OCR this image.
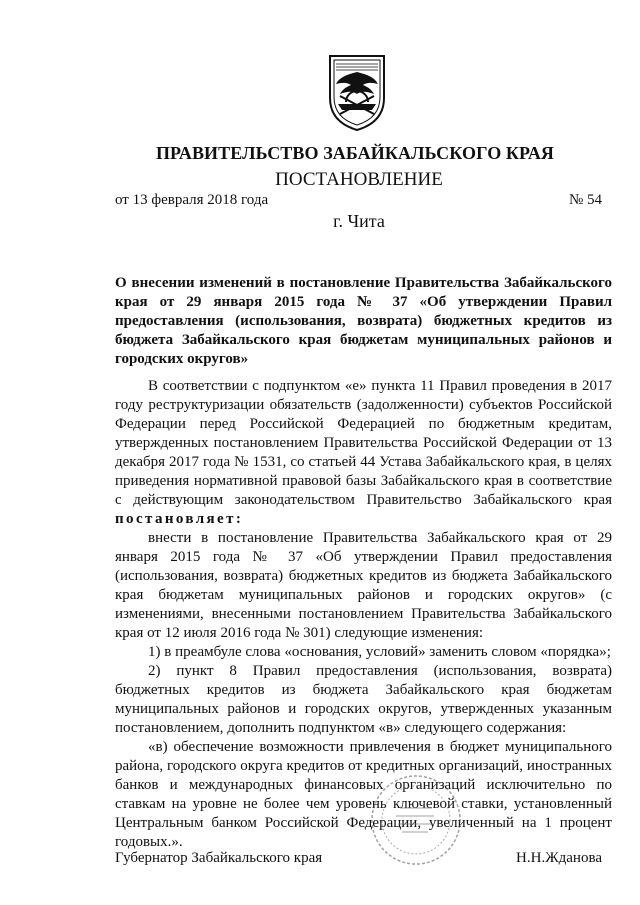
ПРАВИТЕЛЬСТВО ЗАБАЙКАЛЬСКОГО КРАЯ
ПОСТАНОВЛЕНИЕ
от 13 февраля 2018 года	№ 54
г. Чита
О внесении изменений в постановление Правительства Забайкальского края от 29 января 2015 года № 37 «Об утверждении Правил предоставления (использования, возврата) бюджетных кредитов из бюджета Забайкальского края бюджетам муниципальных районов и городских округов»

В соответствии с подпунктом «е» пункта 11 Правил проведения в 2017 году реструктуризации обязательств (задолженности) субъектов Российской Федерации перед Российской Федерацией по бюджетным кредитам, утвержденных постановлением Правительства Российской Федерации от 13 декабря 2017 года № 1531, со статьей 44 Устава Забайкальского края, в целях приведения нормативной правовой базы Забайкальского края в соответствие с действующим законодательством Правительство Забайкальского края постановляет:

внести в постановление Правительства Забайкальского края от 29 января 2015 года № 37 «Об утверждении Правил предоставления (использования, возврата) бюджетных кредитов из бюджета Забайкальского края бюджетам муниципальных районов и городских округов» (с изменениями, внесенными постановлением Правительства Забайкальского края от 12 июля 2016 года № 301) следующие изменения:

1) в преамбуле слова «основания, условий» заменить словом «порядка»;

2) пункт 8 Правил предоставления (использования, возврата) бюджетных кредитов из бюджета Забайкальского края бюджетам муниципальных районов и городских округов, утвержденных указанным постановлением, дополнить подпунктом «в» следующего содержания:

«в) обеспечение возможности привлечения в бюджет муниципального района, городского округа кредитов от кредитных организаций, иностранных банков и международных финансовых организаций исключительно по ставкам на уровне не более чем уровень ключевой ставки, установленный Центральным банком Российской Федерации, увеличенный на 1 процент годовых.».

Губернатор Забайкальского края	Н.Н.Жданова
